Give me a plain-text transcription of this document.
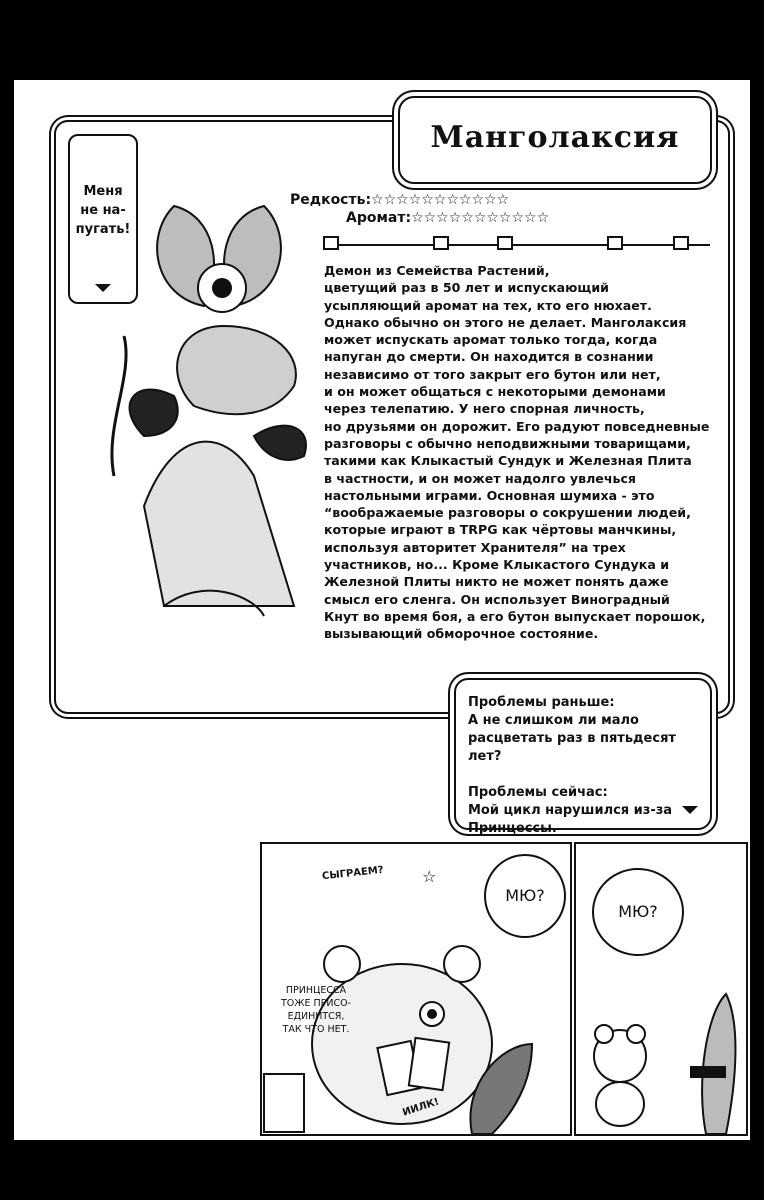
Манголаксия
Меня
не на-
пугать!
Редкость:☆☆☆☆☆☆☆☆☆☆☆
Аромат:☆☆☆☆☆☆☆☆☆☆☆
Демон из Семейства Растений,
цветущий раз в 50 лет и испускающий
усыпляющий аромат на тех, кто его нюхает.
Однако обычно он этого не делает. Манголаксия
может испускать аромат только тогда, когда
напуган до смерти. Он находится в сознании
независимо от того закрыт его бутон или нет,
и он может общаться с некоторыми демонами
через телепатию. У него спорная личность,
но друзьями он дорожит. Его радуют повседневные
разговоры с обычно неподвижными товарищами,
такими как Клыкастый Сундук и Железная Плита
в частности, и он может надолго увлечься
настольными играми. Основная шумиха - это
“воображаемые разговоры о сокрушении людей,
которые играют в TRPG как чёртовы манчкины,
используя авторитет Хранителя” на трех
участников, но... Кроме Клыкастого Сундука и
Железной Плиты никто не может понять даже
смысл его сленга. Он использует Виноградный
Кнут во время боя, а его бутон выпускает порошок,
вызывающий обморочное состояние.
Проблемы раньше:
А не слишком ли мало
расцветать раз в пятьдесят лет?

Проблемы сейчас:
Мой цикл нарушился из-за
Принцессы.
☆
СЫГРАЕМ?
МЮ?
ПРИНЦЕССА
ТОЖЕ ПРИСО-
ЕДИНИТСЯ,
ТАК ЧТО НЕТ.
ИИЛК!
МЮ?
